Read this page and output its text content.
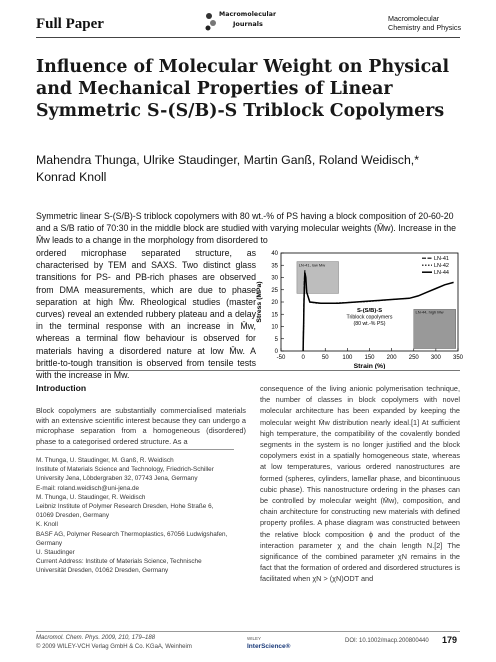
Full Paper
Macromolecular
Journals
Macromolecular
Chemistry and Physics
Influence of Molecular Weight on Physical and Mechanical Properties of Linear Symmetric S-(S/B)-S Triblock Copolymers
Mahendra Thunga, Ulrike Staudinger, Martin Ganß, Roland Weidisch,* Konrad Knoll
Symmetric linear S-(S/B)-S triblock copolymers with 80 wt.-% of PS having a block composition of 20-60-20 and a S/B ratio of 70:30 in the middle block are studied with varying molecular weights (M̄w). Increase in the M̄w leads to a change in the morphology from disordered to
ordered microphase separated structure, as characterised by TEM and SAXS. Two distinct glass transitions for PS- and PB-rich phases are observed from DMA measurements, which are due to phase separation at high M̄w. Rheological studies (master curves) reveal an extended rubbery plateau and a delay in the terminal response with an increase in M̄w, whereas a terminal flow behaviour is observed for materials having a disordered nature at low M̄w. A brittle-to-tough transition is observed from tensile tests with the increase in M̄w.
0
5
10
15
20
25
30
35
40
-50	0	50 100 150 200 250 300 350
Strain (%)
Stress (MPa)
LN-41, low Mw
LN-44, high Mw
LN-41
LN-42
LN-44
S-(S/B)-S
Triblock copolymers
(80 wt.-% PS)
Introduction
Block copolymers are substantially commercialised materials with an extensive scientific interest because they can undergo a microphase separation from a homogeneous (disordered) phase to a categorised ordered structure. As a
M. Thunga, U. Staudinger, M. Ganß, R. Weidisch
Institute of Materials Science and Technology, Friedrich-Schiller
University Jena, Löbdergraben 32, 07743 Jena, Germany
E-mail: roland.weidisch@uni-jena.de
M. Thunga, U. Staudinger, R. Weidisch
Leibniz Institute of Polymer Research Dresden, Hohe Straße 6,
01069 Dresden, Germany
K. Knoll
BASF AG, Polymer Research Thermoplastics, 67056 Ludwigshafen,
Germany
U. Staudinger
Current Address: Institute of Materials Science, Technische
Universität Dresden, 01062 Dresden, Germany
consequence of the living anionic polymerisation technique, the number of classes in block copolymers with novel molecular architecture has been expanded by keeping the molecular weight M̄w distribution nearly ideal.[1] At sufficient high temperature, the compatibility of the covalently bonded segments in the system is no longer justified and the block copolymers exist in a spatially homogeneous state, whereas at low temperatures, various ordered nanostructures are formed (spheres, cylinders, lamellar phase, and bicontinuous cubic phase). This nanostructure ordering in the phases can be controlled by molecular weight (M̄w), composition, and chain architecture for constructing new materials with defined property profiles. A phase diagram was constructed between the relative block composition ϕ and the product of the interaction parameter χ and the chain length N.[2] The significance of the combined parameter χN remains in the fact that the formation of ordered and disordered structures is facilitated when χN > (χN)ODT and
Macromol. Chem. Phys. 2009, 210, 179–188
© 2009 WILEY-VCH Verlag GmbH & Co. KGaA, Weinheim
WILEY
InterScience®
DOI: 10.1002/macp.200800440 179
